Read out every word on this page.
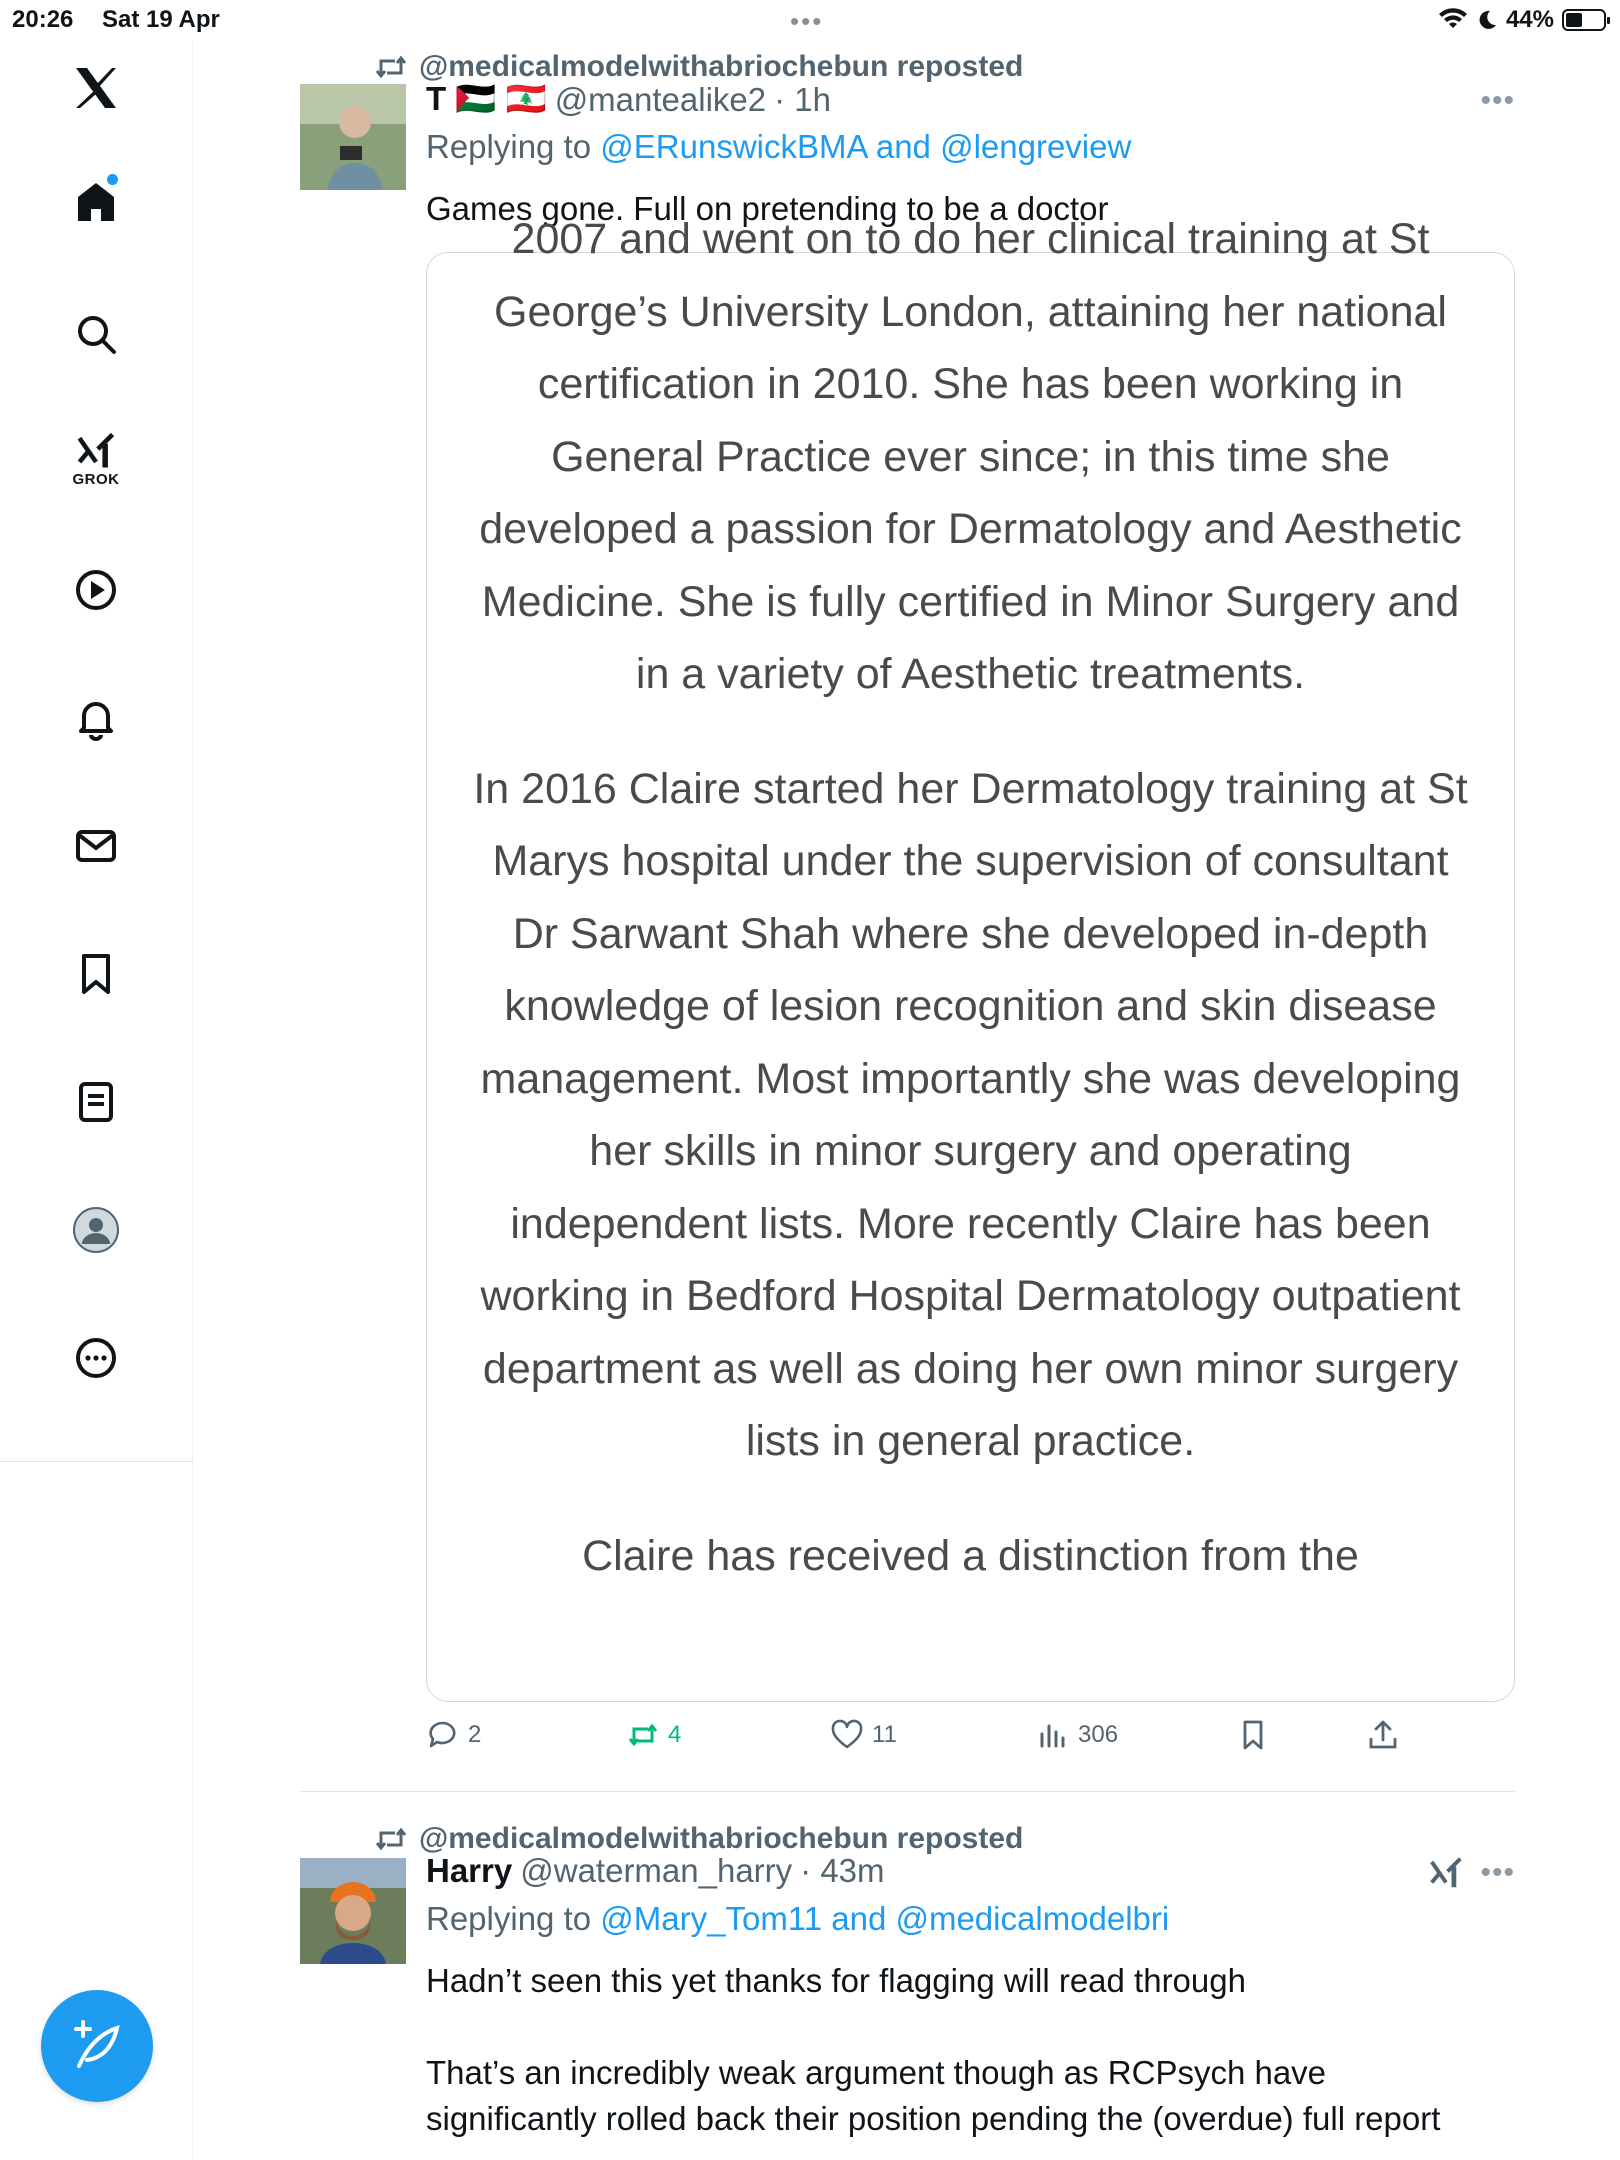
20:26 Sat 19 Apr	•••	44%
GROK
@medicalmodelwithabriochebun reposted
T 🇵🇸 🇱🇧 @mantealike2 · 1h	•••
Replying to @ERunswickBMA and @lengreview
Games gone. Full on pretending to be a doctor

2007 and went on to do her clinical training at St George’s University London, attaining her national certification in 2010. She has been working in General Practice ever since; in this time she developed a passion for Dermatology and Aesthetic Medicine. She is fully certified in Minor Surgery and in a variety of Aesthetic treatments.

In 2016 Claire started her Dermatology training at St Marys hospital under the supervision of consultant Dr Sarwant Shah where she developed in-depth knowledge of lesion recognition and skin disease management. Most importantly she was developing her skills in minor surgery and operating independent lists. More recently Claire has been working in Bedford Hospital Dermatology outpatient department as well as doing her own minor surgery lists in general practice.

Claire has received a distinction from the

2	4	11	306
@medicalmodelwithabriochebun reposted
Harry @waterman_harry · 43m	•••
Replying to @Mary_Tom11 and @medicalmodelbri
Hadn’t seen this yet thanks for flagging will read through

That’s an incredibly weak argument though as RCPsych have significantly rolled back their position pending the (overdue) full report
